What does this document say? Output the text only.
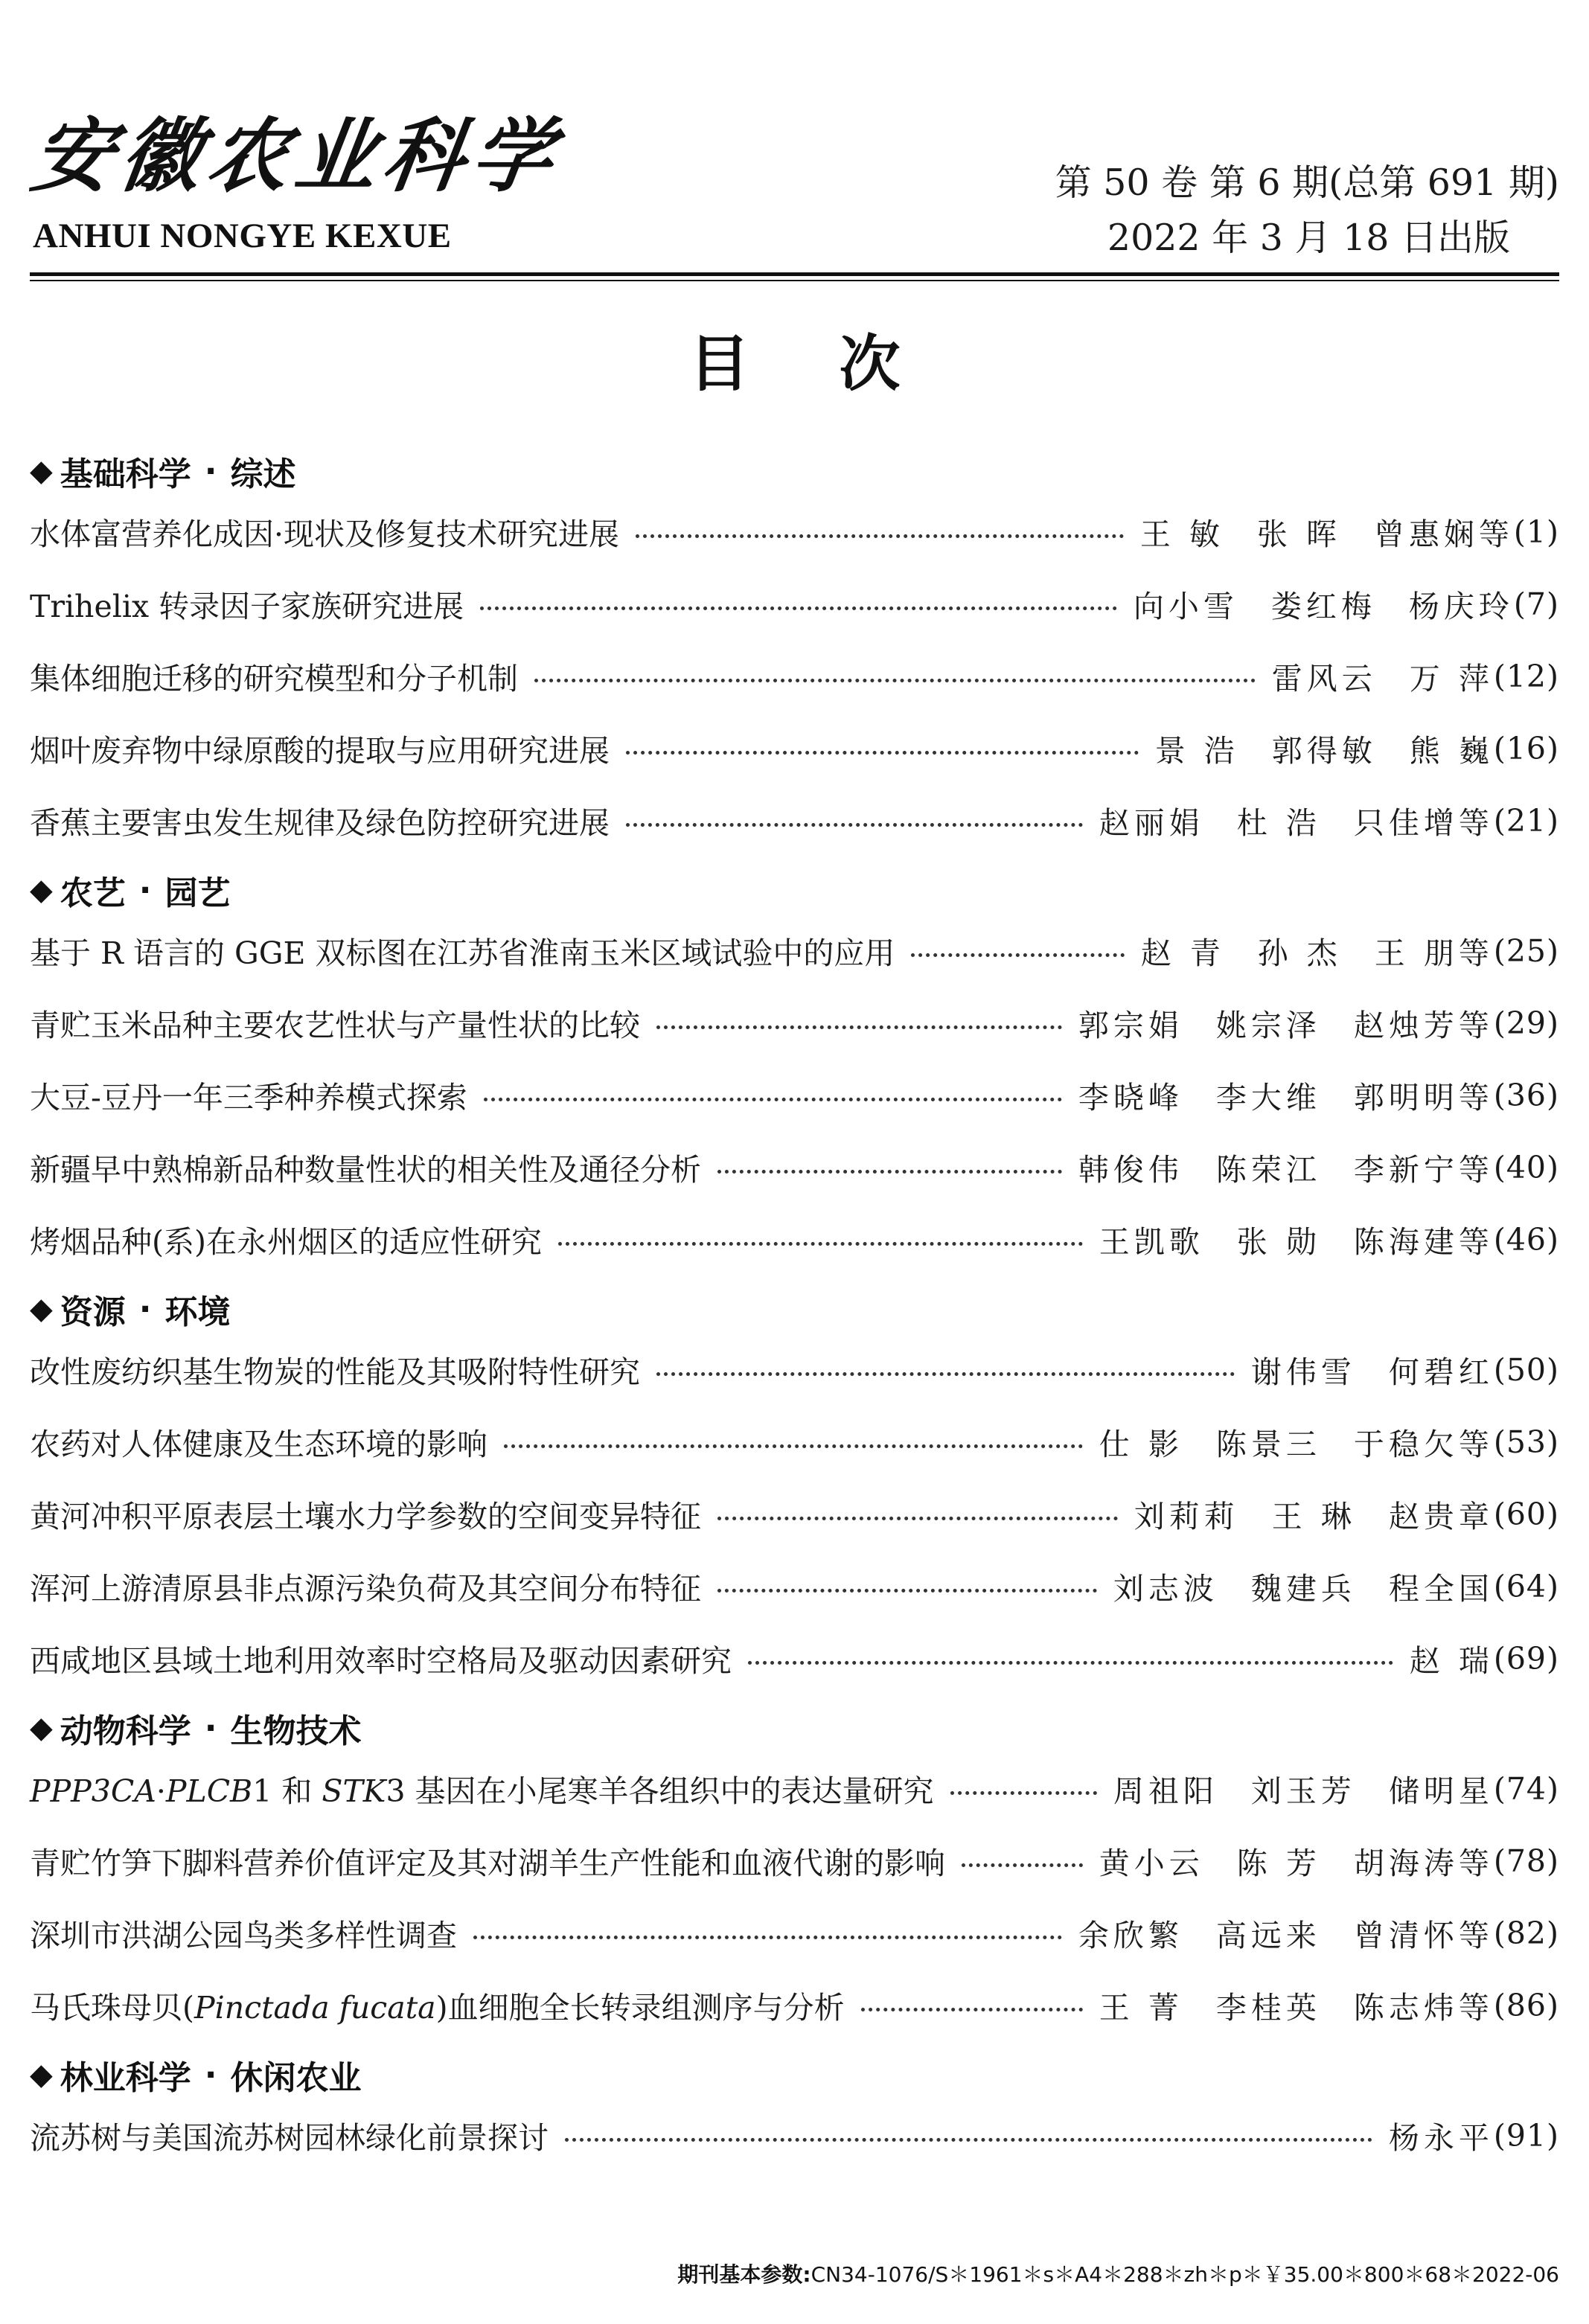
安徽农业科学
ANHUI NONGYE KEXUE
第 50 卷 第 6 期(总第 691 期)
2022 年 3 月 18 日出版
目次
◆ 基础科学 · 综述
水体富营养化成因·现状及修复技术研究进展	王 敏 张 晖 曾惠娴等 (1)
Trihelix 转录因子家族研究进展	向小雪 娄红梅 杨庆玲 (7)
集体细胞迁移的研究模型和分子机制	雷风云 万 萍 (12)
烟叶废弃物中绿原酸的提取与应用研究进展	景 浩 郭得敏 熊 巍 (16)
香蕉主要害虫发生规律及绿色防控研究进展	赵丽娟 杜 浩 只佳增等 (21)
◆ 农艺 · 园艺
基于 R 语言的 GGE 双标图在江苏省淮南玉米区域试验中的应用	赵 青 孙 杰 王 朋等 (25)
青贮玉米品种主要农艺性状与产量性状的比较	郭宗娟 姚宗泽 赵烛芳等 (29)
大豆-豆丹一年三季种养模式探索	李晓峰 李大维 郭明明等 (36)
新疆早中熟棉新品种数量性状的相关性及通径分析	韩俊伟 陈荣江 李新宁等 (40)
烤烟品种(系)在永州烟区的适应性研究	王凯歌 张 勋 陈海建等 (46)
◆ 资源 · 环境
改性废纺织基生物炭的性能及其吸附特性研究	谢伟雪 何碧红 (50)
农药对人体健康及生态环境的影响	仕 影 陈景三 于稳欠等 (53)
黄河冲积平原表层土壤水力学参数的空间变异特征	刘莉莉 王 琳 赵贵章 (60)
浑河上游清原县非点源污染负荷及其空间分布特征	刘志波 魏建兵 程全国 (64)
西咸地区县域土地利用效率时空格局及驱动因素研究	赵 瑞 (69)
◆ 动物科学 · 生物技术
PPP3CA·PLCB1 和 STK3 基因在小尾寒羊各组织中的表达量研究	周祖阳 刘玉芳 储明星 (74)
青贮竹笋下脚料营养价值评定及其对湖羊生产性能和血液代谢的影响	黄小云 陈 芳 胡海涛等 (78)
深圳市洪湖公园鸟类多样性调查	余欣繁 高远来 曾清怀等 (82)
马氏珠母贝(Pinctada fucata)血细胞全长转录组测序与分析	王 菁 李桂英 陈志炜等 (86)
◆ 林业科学 · 休闲农业
流苏树与美国流苏树园林绿化前景探讨	杨永平 (91)
期刊基本参数:CN34-1076/S＊1961＊s＊A4＊288＊zh＊p＊￥35.00＊800＊68＊2022-06
